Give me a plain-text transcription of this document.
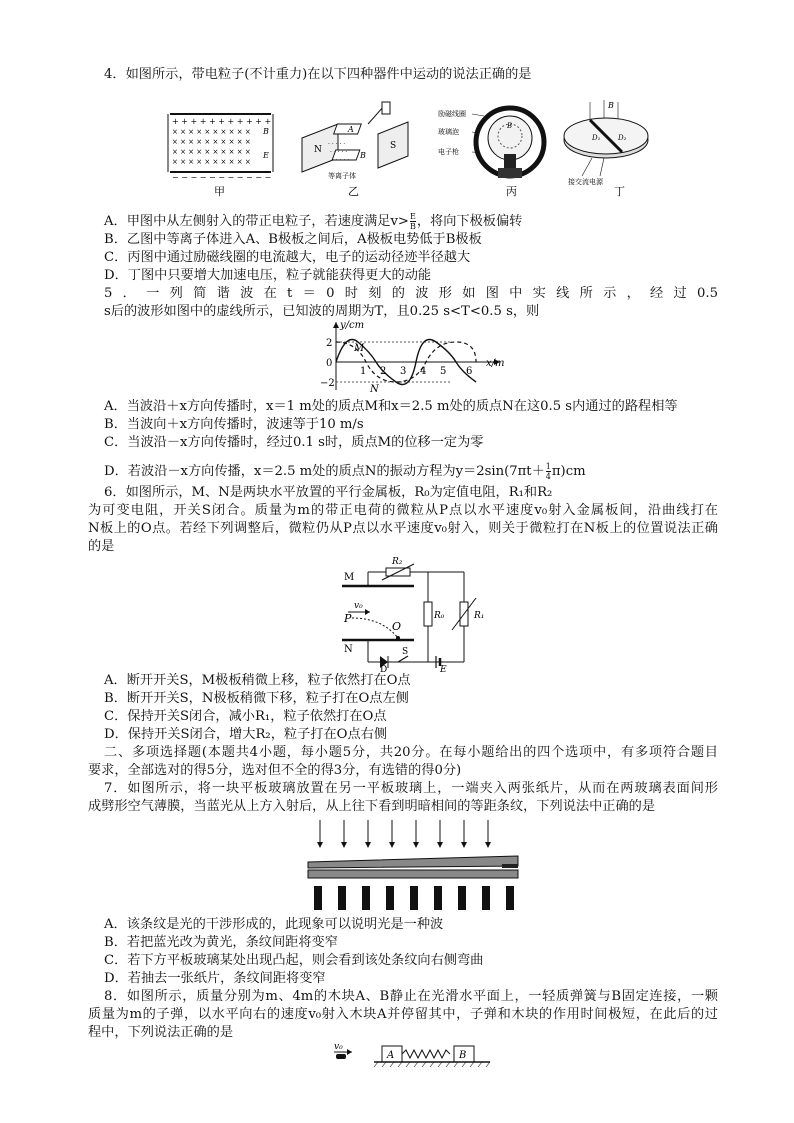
4．如图所示，带电粒子(不计重力)在以下四种器件中运动的说法正确的是
+ + + + + + + + + + +
× × × × × × × × × ×
× × × × × × × × × ×
× × × × × × × × × ×
× × × × × × × × × ×
− − − − − − − − − − −
B
E
甲
N	S
A
B
· · · · ·
· · · · ·
· · · · ·
等离子体
乙
励磁线圈
玻璃泡
电子枪
B
丙
B
D₁	D₂
接交流电源
丁
A．甲图中从左侧射入的带正电粒子，若速度满足$v> \frac{E}{B}$ ，将向下极板偏转
B．乙图中等离子体进入A、B极板之间后，A极板电势低于B极板
C．丙图中通过励磁线圈的电流越大，电子的运动径迹半径越大
D．丁图中只要增大加速电压，粒子就能获得更大的动能
5．一列简谐波在t＝0时刻的波形如图中实线所示，经过0.5
s后的波形如图中的虚线所示，已知波的周期为T，且0.25 s<T<0.5 s，则
y/cm
x/m
2
0
−2
1 2 3 4 5 6
M
N
A．当波沿＋x方向传播时，x＝1 m处的质点M和x＝2.5 m处的质点N在这0.5 s内通过的路程相等
B．当波向＋x方向传播时，波速等于10 m/s
C．当波沿－x方向传播时，经过0.1 s时，质点M的位移一定为零
D．若波沿－x方向传播，x＝2.5 m处的质点N的振动方程为$y=2\sin(7\pi t+ \frac{1}{4} \pi)cm$
6．如图所示，M、N是两块水平放置的平行金属板，R₀为定值电阻，R₁和R₂
为可变电阻，开关S闭合。质量为m的带正电荷的微粒从P点以水平速度v₀射入金属板间，沿曲线打在
N板上的O点。若经下列调整后，微粒仍从P点以水平速度v₀射入，则关于微粒打在N板上的位置说法正确
的是
M
N
P
O
v₀
R₂
R₀	R₁
D
S
E
A．断开开关S，M极板稍微上移，粒子依然打在O点
B．断开开关S，N极板稍微下移，粒子打在O点左侧
C．保持开关S闭合，减小R₁，粒子依然打在O点
D．保持开关S闭合，增大R₂，粒子打在O点右侧
二、多项选择题(本题共4小题，每小题5分，共20分。在每小题给出的四个选项中，有多项符合题目
要求，全部选对的得5分，选对但不全的得3分，有选错的得0分)
7．如图所示，将一块平板玻璃放置在另一平板玻璃上，一端夹入两张纸片，从而在两玻璃表面间形
成劈形空气薄膜，当蓝光从上方入射后，从上往下看到明暗相间的等距条纹，下列说法中正确的是
A．该条纹是光的干涉形成的，此现象可以说明光是一种波
B．若把蓝光改为黄光，条纹间距将变窄
C．若下方平板玻璃某处出现凸起，则会看到该处条纹向右侧弯曲
D．若抽去一张纸片，条纹间距将变窄
8．如图所示，质量分别为m、4m的木块A、B静止在光滑水平面上，一轻质弹簧与B固定连接，一颗
质量为m的子弹，以水平向右的速度v₀射入木块A并停留其中，子弹和木块的作用时间极短，在此后的过
程中，下列说法正确的是
v₀
A	B
